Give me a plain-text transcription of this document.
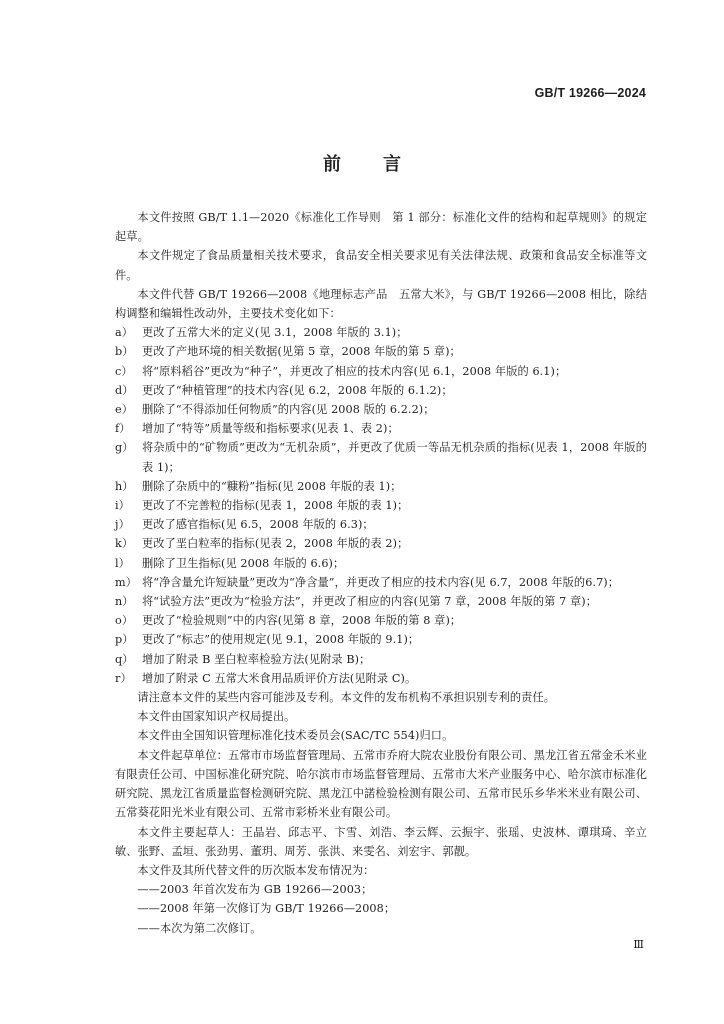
GB/T 19266—2024
前 言

本文件按照 GB/T 1.1—2020《标准化工作导则　第 1 部分：标准化文件的结构和起草规则》的规定起草。

本文件规定了食品质量相关技术要求，食品安全相关要求见有关法律法规、政策和食品安全标准等文件。

本文件代替 GB/T 19266—2008《地理标志产品　五常大米》，与 GB/T 19266—2008 相比，除结构调整和编辑性改动外，主要技术变化如下：

a） 更改了五常大米的定义(见 3.1，2008 年版的 3.1)；

b） 更改了产地环境的相关数据(见第 5 章，2008 年版的第 5 章)；

c） 将“原料稻谷”更改为“种子”，并更改了相应的技术内容(见 6.1，2008 年版的 6.1)；

d） 更改了“种植管理”的技术内容(见 6.2，2008 年版的 6.1.2)；

e） 删除了“不得添加任何物质”的内容(见 2008 版的 6.2.2)；

f） 增加了“特等”质量等级和指标要求(见表 1、表 2)；

g） 将杂质中的“矿物质”更改为“无机杂质”，并更改了优质一等品无机杂质的指标(见表 1，2008 年版的表 1)；

h） 删除了杂质中的“糠粉”指标(见 2008 年版的表 1)；

i） 更改了不完善粒的指标(见表 1，2008 年版的表 1)；

j） 更改了感官指标(见 6.5，2008 年版的 6.3)；

k） 更改了垩白粒率的指标(见表 2，2008 年版的表 2)；

l） 删除了卫生指标(见 2008 年版的 6.6)；

m） 将“净含量允许短缺量”更改为“净含量”，并更改了相应的技术内容(见 6.7，2008 年版的6.7)；

n） 将“试验方法”更改为“检验方法”，并更改了相应的内容(见第 7 章，2008 年版的第 7 章)；

o） 更改了“检验规则”中的内容(见第 8 章，2008 年版的第 8 章)；

p） 更改了“标志”的使用规定(见 9.1，2008 年版的 9.1)；

q） 增加了附录 B 垩白粒率检验方法(见附录 B)；

r） 增加了附录 C 五常大米食用品质评价方法(见附录 C)。

请注意本文件的某些内容可能涉及专利。本文件的发布机构不承担识别专利的责任。

本文件由国家知识产权局提出。

本文件由全国知识管理标准化技术委员会(SAC/TC 554)归口。

本文件起草单位：五常市市场监督管理局、五常市乔府大院农业股份有限公司、黑龙江省五常金禾米业有限责任公司、中国标准化研究院、哈尔滨市市场监督管理局、五常市大米产业服务中心、哈尔滨市标准化研究院、黑龙江省质量监督检测研究院、黑龙江中諾检验检测有限公司、五常市民乐乡华米米业有限公司、五常葵花阳光米业有限公司、五常市彩桥米业有限公司。

本文件主要起草人：王晶岩、邱志平、卞雪、刘浩、李云辉、云振宇、张瑶、史波林、谭琪琦、辛立敏、张野、孟垣、张劲男、董玥、周芳、张洪、来雯名、刘宏宇、郭靓。

本文件及其所代替文件的历次版本发布情况为：

——2003 年首次发布为 GB 19266—2003；

——2008 年第一次修订为 GB/T 19266—2008；

——本次为第二次修订。

Ⅲ
